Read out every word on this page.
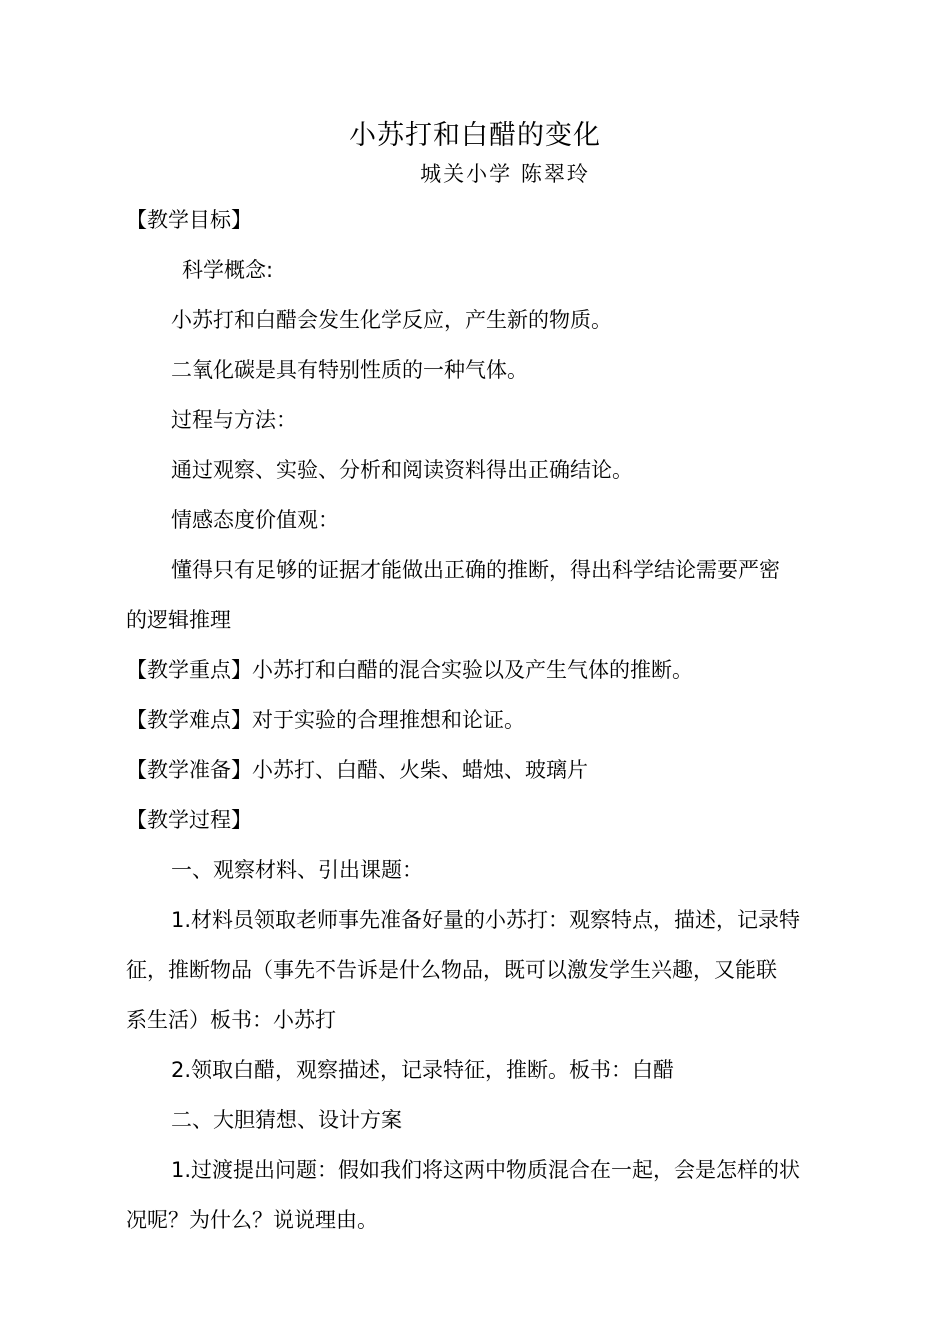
小苏打和白醋的变化
城关小学 陈翠玲
【教学目标】
科学概念:
小苏打和白醋会发生化学反应，产生新的物质。
二氧化碳是具有特别性质的一种气体。
过程与方法：
通过观察、实验、分析和阅读资料得出正确结论。
情感态度价值观：
懂得只有足够的证据才能做出正确的推断，得出科学结论需要严密
的逻辑推理
【教学重点】小苏打和白醋的混合实验以及产生气体的推断。
【教学难点】对于实验的合理推想和论证。
【教学准备】小苏打、白醋、火柴、蜡烛、玻璃片
【教学过程】
一、观察材料、引出课题：
1.材料员领取老师事先准备好量的小苏打：观察特点，描述，记录特
征，推断物品（事先不告诉是什么物品，既可以激发学生兴趣，又能联
系生活）板书：小苏打
2.领取白醋，观察描述，记录特征，推断。板书：白醋
二、大胆猜想、设计方案
1.过渡提出问题：假如我们将这两中物质混合在一起，会是怎样的状
况呢？为什么？说说理由。
